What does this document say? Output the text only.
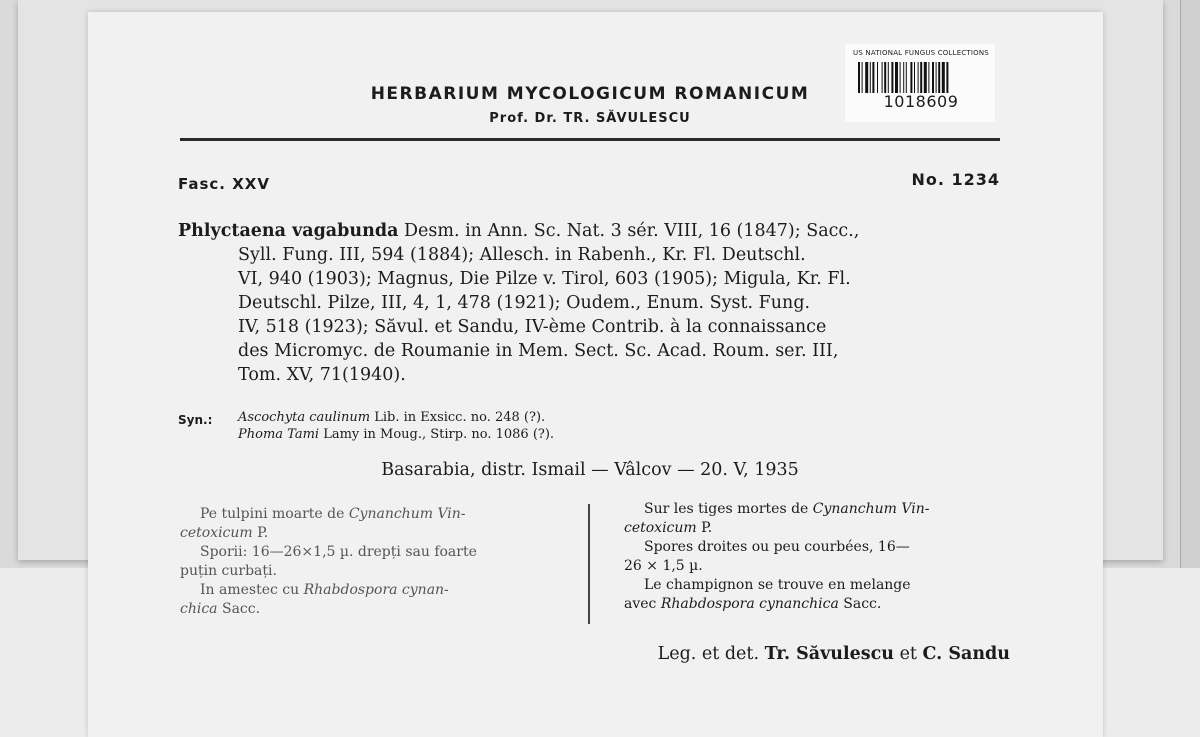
HERBARIUM MYCOLOGICUM ROMANICUM
Prof. Dr. TR. SĂVULESCU
US NATIONAL FUNGUS COLLECTIONS
1018609
Fasc. XXV	No. 1234
Phlyctaena vagabunda Desm. in Ann. Sc. Nat. 3 sér. VIII, 16 (1847); Sacc.,
Syll. Fung. III, 594 (1884); Allesch. in Rabenh., Kr. Fl. Deutschl.
VI, 940 (1903); Magnus, Die Pilze v. Tirol, 603 (1905); Migula, Kr. Fl.
Deutschl. Pilze, III, 4, 1, 478 (1921); Oudem., Enum. Syst. Fung.
IV, 518 (1923); Săvul. et Sandu, IV-ème Contrib. à la connaissance
des Micromyc. de Roumanie in Mem. Sect. Sc. Acad. Roum. ser. III,
Tom. XV, 71(1940).
Syn.: Ascochyta caulinum Lib. in Exsicc. no. 248 (?).
Phoma Tami Lamy in Moug., Stirp. no. 1086 (?).
Basarabia, distr. Ismail — Vâlcov — 20. V, 1935
Pe tulpini moarte de Cynanchum Vin-
cetoxicum P.
Sporii: 16—26×1,5 µ. drepți sau foarte
puțin curbați.
In amestec cu Rhabdospora cynan-
chica Sacc.
Sur les tiges mortes de Cynanchum Vin-
cetoxicum P.
Spores droites ou peu courbées, 16—
26 × 1,5 µ.
Le champignon se trouve en melange
avec Rhabdospora cynanchica Sacc.
Leg. et det. Tr. Săvulescu et C. Sandu
